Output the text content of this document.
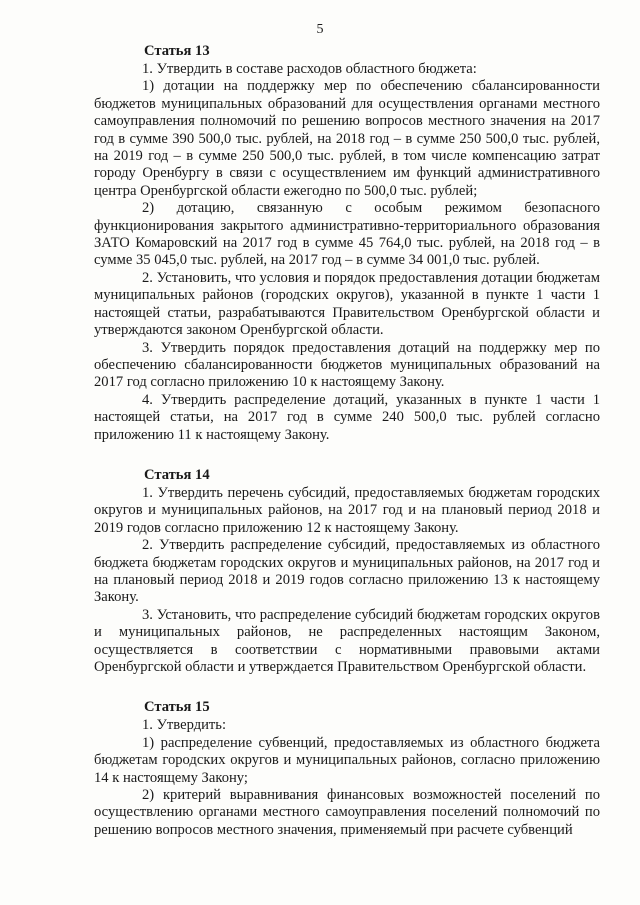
5

Статья 13

1. Утвердить в составе расходов областного бюджета:

1) дотации на поддержку мер по обеспечению сбалансированности бюджетов муниципальных образований для осуществления органами местного самоуправления полномочий по решению вопросов местного значения на 2017 год в сумме 390 500,0 тыс. рублей, на 2018 год – в сумме 250 500,0 тыс. рублей, на 2019 год – в сумме 250 500,0 тыс. рублей, в том числе компенсацию затрат городу Оренбургу в связи с осуществлением им функций административного центра Оренбургской области ежегодно по 500,0 тыс. рублей;

2) дотацию, связанную с особым режимом безопасного функционирования закрытого административно-территориального образования ЗАТО Комаровский на 2017 год в сумме 45 764,0 тыс. рублей, на 2018 год – в сумме 35 045,0 тыс. рублей, на 2017 год – в сумме 34 001,0 тыс. рублей.

2. Установить, что условия и порядок предоставления дотации бюджетам муниципальных районов (городских округов), указанной в пункте 1 части 1 настоящей статьи, разрабатываются Правительством Оренбургской области и утверждаются законом Оренбургской области.

3. Утвердить порядок предоставления дотаций на поддержку мер по обеспечению сбалансированности бюджетов муниципальных образований на 2017 год согласно приложению 10 к настоящему Закону.

4. Утвердить распределение дотаций, указанных в пункте 1 части 1 настоящей статьи, на 2017 год в сумме 240 500,0 тыс. рублей согласно приложению 11 к настоящему Закону.

Статья 14

1. Утвердить перечень субсидий, предоставляемых бюджетам городских округов и муниципальных районов, на 2017 год и на плановый период 2018 и 2019 годов согласно приложению 12 к настоящему Закону.

2. Утвердить распределение субсидий, предоставляемых из областного бюджета бюджетам городских округов и муниципальных районов, на 2017 год и на плановый период 2018 и 2019 годов согласно приложению 13 к настоящему Закону.

3. Установить, что распределение субсидий бюджетам городских округов и муниципальных районов, не распределенных настоящим Законом, осуществляется в соответствии с нормативными правовыми актами Оренбургской области и утверждается Правительством Оренбургской области.

Статья 15

1. Утвердить:

1) распределение субвенций, предоставляемых из областного бюджета бюджетам городских округов и муниципальных районов, согласно приложению 14 к настоящему Закону;

2) критерий выравнивания финансовых возможностей поселений по осуществлению органами местного самоуправления поселений полномочий по решению вопросов местного значения, применяемый при расчете субвенций
